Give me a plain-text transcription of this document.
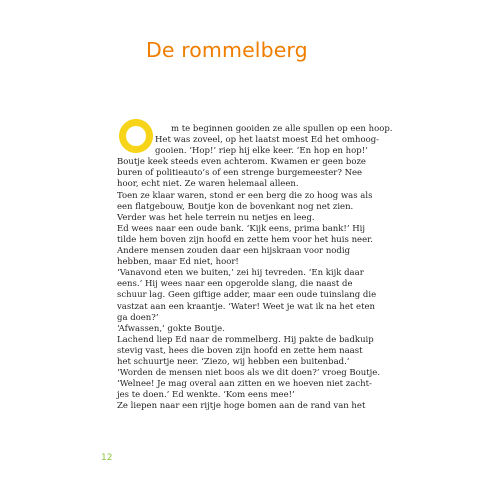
De rommelberg
m te beginnen gooiden ze alle spullen op een hoop.
Het was zoveel, op het laatst moest Ed het omhoog-
gooien. ‘Hop!’ riep hij elke keer. ‘En hop en hop!’
Boutje keek steeds even achterom. Kwamen er geen boze
buren of politieauto’s of een strenge burgemeester? Nee
hoor, echt niet. Ze waren helemaal alleen.
Toen ze klaar waren, stond er een berg die zo hoog was als
een flatgebouw, Boutje kon de bovenkant nog net zien.
Verder was het hele terrein nu netjes en leeg.
Ed wees naar een oude bank. ‘Kijk eens, prima bank!’ Hij
tilde hem boven zijn hoofd en zette hem voor het huis neer.
Andere mensen zouden daar een hijskraan voor nodig
hebben, maar Ed niet, hoor!
‘Vanavond eten we buiten,’ zei hij tevreden. ‘En kijk daar
eens.’ Hij wees naar een opgerolde slang, die naast de
schuur lag. Geen giftige adder, maar een oude tuinslang die
vastzat aan een kraantje. ‘Water! Weet je wat ik na het eten
ga doen?’
‘Afwassen,’ gokte Boutje.
Lachend liep Ed naar de rommelberg. Hij pakte de badkuip
stevig vast, hees die boven zijn hoofd en zette hem naast
het schuurtje neer. ‘Ziezo, wij hebben een buitenbad.’
‘Worden de mensen niet boos als we dit doen?’ vroeg Boutje.
‘Welnee! Je mag overal aan zitten en we hoeven niet zacht-
jes te doen.’ Ed wenkte. ‘Kom eens mee!’
Ze liepen naar een rijtje hoge bomen aan de rand van het
12
